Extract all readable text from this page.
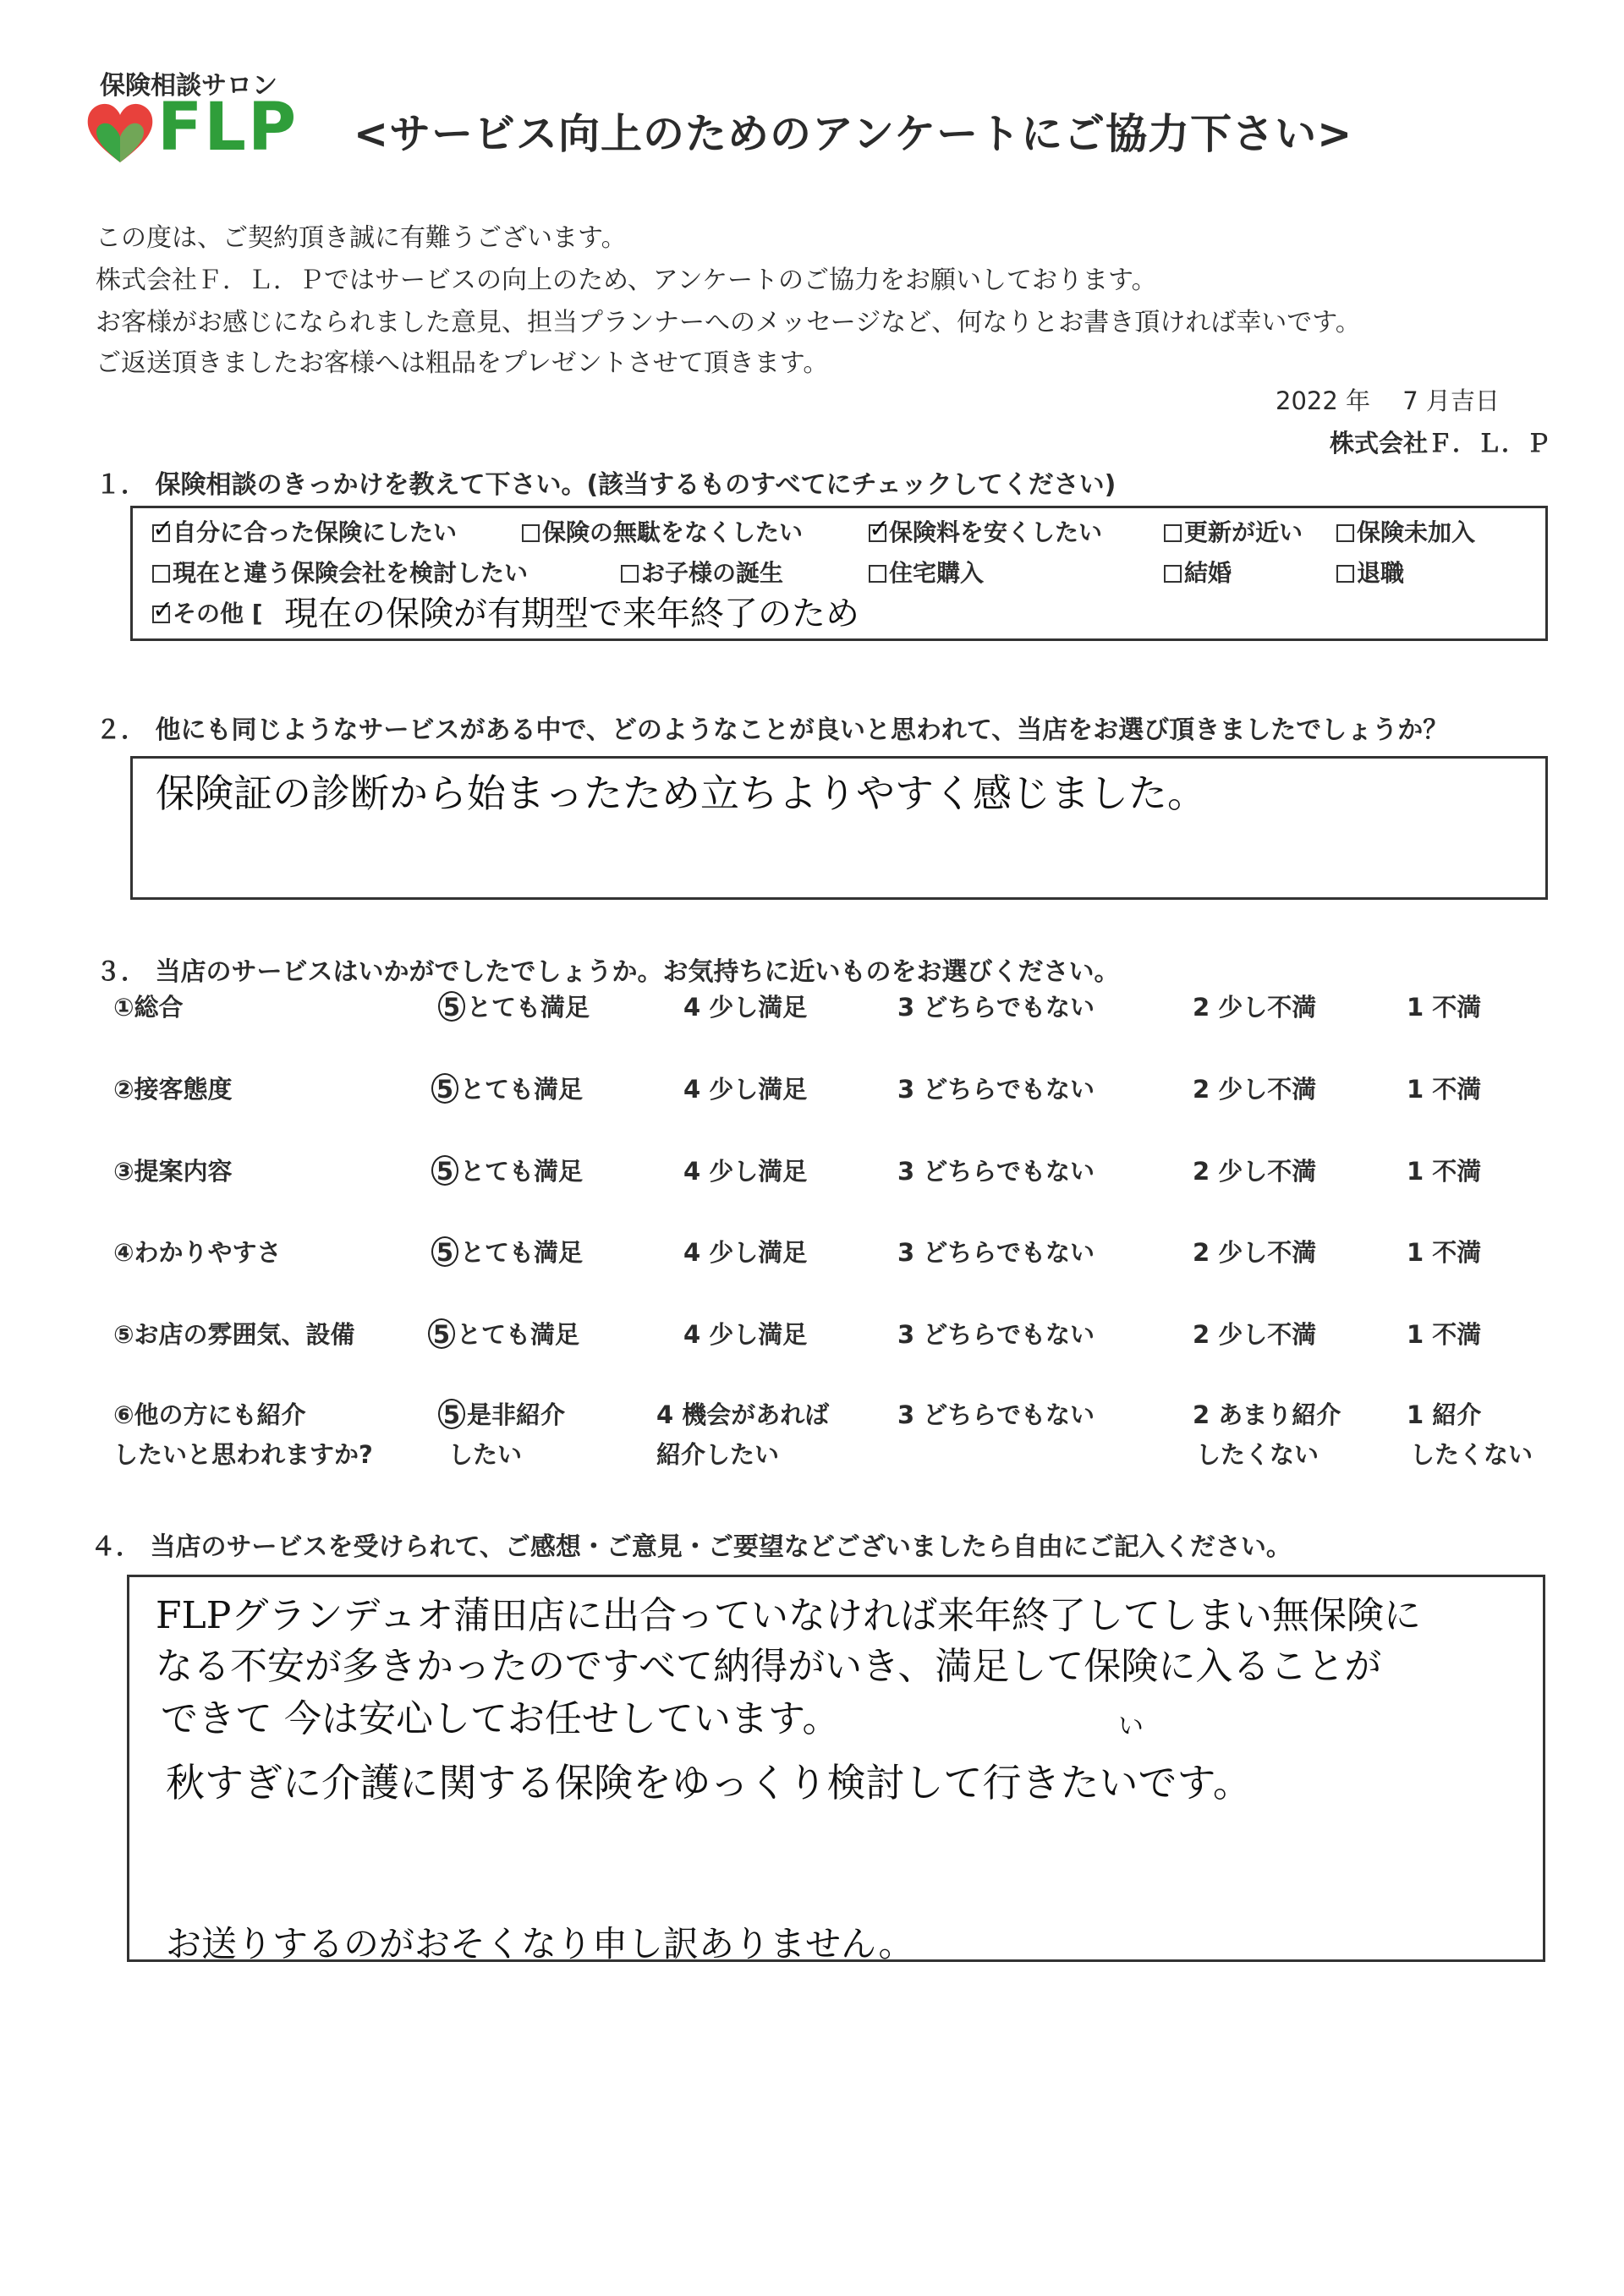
保険相談サロン
FLP <サービス向上のためのアンケートにご協力下さい>
この度は、ご契約頂き誠に有難うございます。
株式会社Ｆ．Ｌ．Ｐではサービスの向上のため、アンケートのご協力をお願いしております。
お客様がお感じになられました意見、担当プランナーへのメッセージなど、何なりとお書き頂ければ幸いです。
ご返送頂きましたお客様へは粗品をプレゼントさせて頂きます。
2022 年　 7 月吉日
株式会社Ｆ．Ｌ．Ｐ
１． 保険相談のきっかけを教えて下さい。(該当するものすべてにチェックしてください)
✓自分に合った保険にしたい	保険の無駄をなくしたい
✓	保険料を安くしたい	更新が近い	保険未加入
現在と違う保険会社を検討したい	お子様の誕生	住宅購入	結婚	退職
✓その他 [ 現在の保険が有期型で来年終了のため
２． 他にも同じようなサービスがある中で、どのようなことが良いと思われて、当店をお選び頂きましたでしょうか？
保険証の診断から始まったため立ちよりやすく感じました。
３． 当店のサービスはいかがでしたでしょうか。お気持ちに近いものをお選びください。
①総合	5 とても満足	4 少し満足	3 どちらでもない	2 少し不満	1 不満
②接客態度	5 とても満足	4 少し満足	3 どちらでもない	2 少し不満	1 不満
③提案内容	5 とても満足	4 少し満足	3 どちらでもない	2 少し不満	1 不満
④わかりやすさ	5 とても満足	4 少し満足	3 どちらでもない	2 少し不満	1 不満
⑤お店の雰囲気、設備	5 とても満足	4 少し満足	3 どちらでもない	2 少し不満	1 不満
⑥他の方にも紹介
したいと思われますか?
5 是非紹介
したい
4 機会があれば
紹介したい
3 どちらでもない	2 あまり紹介
したくない
1 紹介
したくない
４． 当店のサービスを受けられて、ご感想・ご意見・ご要望などございましたら自由にご記入ください。
FLPグランデュオ蒲田店に出合っていなければ来年終了してしまい無保険に
なる不安が多きかったのですべて納得がいき、満足して保険に入ることが
できて 今は安心してお任せしています。	い
秋すぎに介護に関する保険をゆっくり検討して行きたいです。
お送りするのがおそくなり申し訳ありません。
